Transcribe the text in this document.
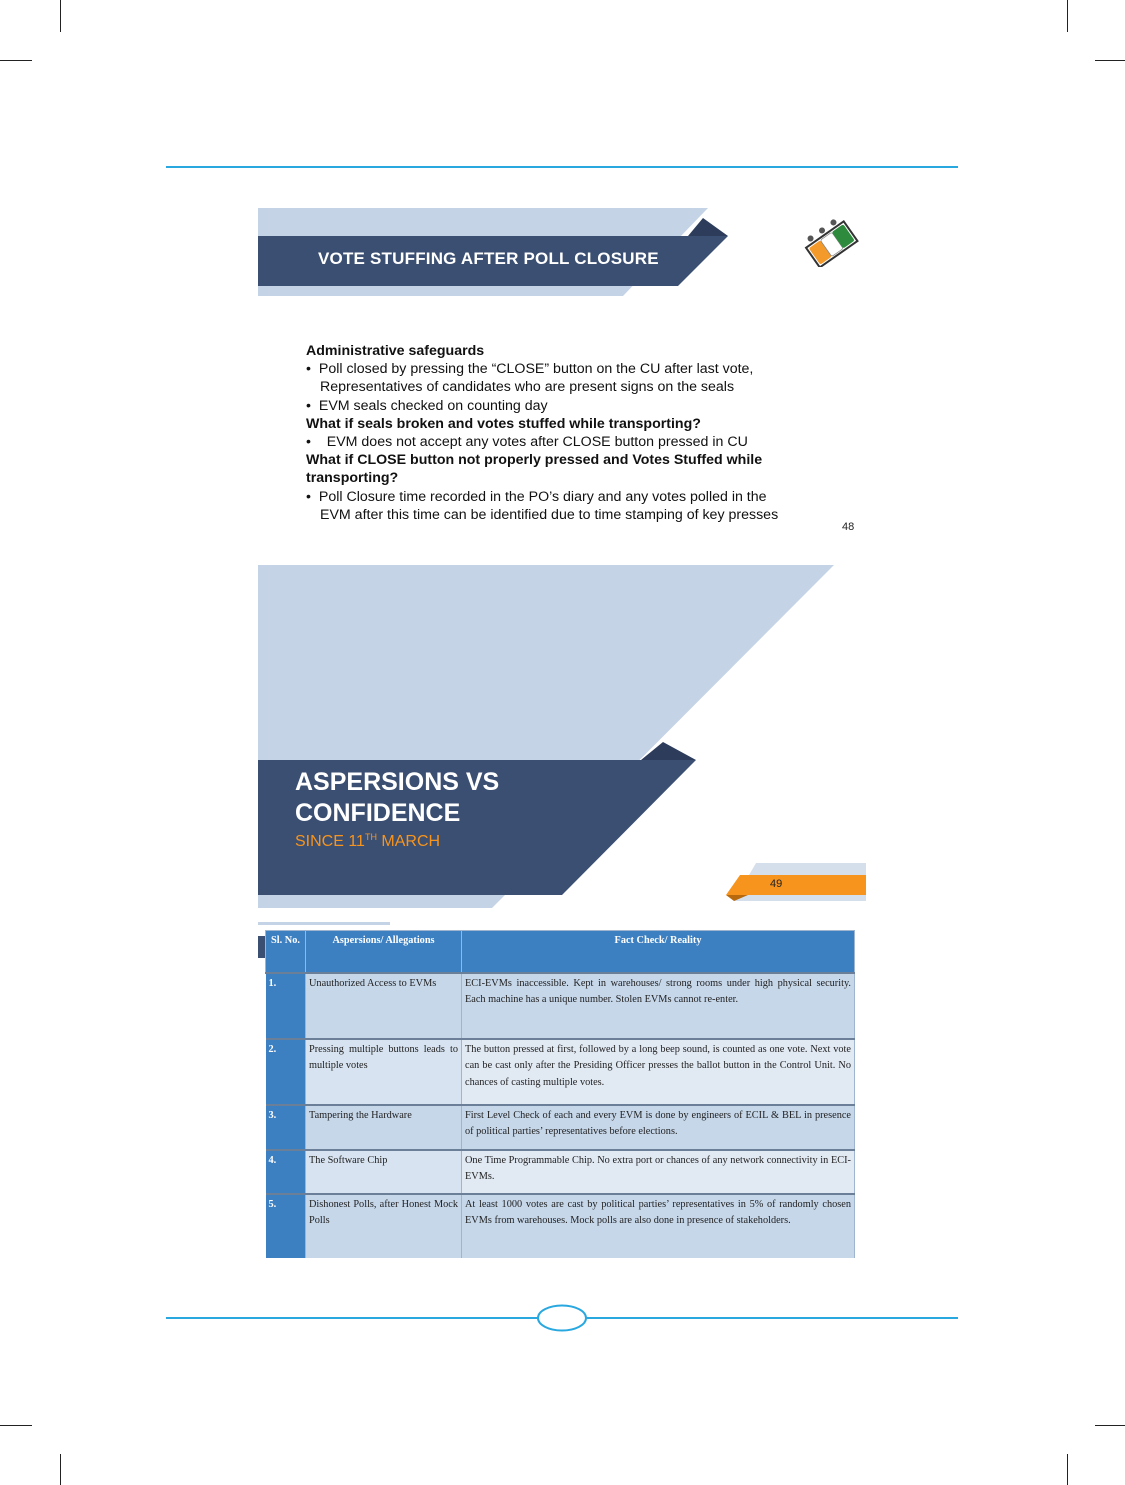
VOTE STUFFING AFTER POLL CLOSURE
Administrative safeguards
•  Poll closed by pressing the “CLOSE” button on the CU after last vote,
Representatives of candidates who are present signs on the seals
•  EVM seals checked on counting day
What if seals broken and votes stuffed while transporting?
•    EVM does not accept any votes after CLOSE button pressed in CU
What if CLOSE button not properly pressed and Votes Stuffed while transporting?
•  Poll Closure time recorded in the PO’s diary and any votes polled in the
EVM after this time can be identified due to time stamping of key presses
48
ASPERSIONS VS
CONFIDENCE
SINCE 11TH MARCH
49
Sl. No.	Aspersions/ Allegations	Fact Check/ Reality
1.	Unauthorized Access to EVMs	ECI-EVMs inaccessible. Kept in warehouses/ strong rooms under high physical security. Each machine has a unique number. Stolen EVMs cannot re-enter.
2.	Pressing multiple buttons leads to multiple votes	The button pressed at first, followed by a long beep sound, is counted as one vote. Next vote can be cast only after the Presiding Officer presses the ballot button in the Control Unit. No chances of casting multiple votes.
3.	Tampering the Hardware	First Level Check of each and every EVM is done by engineers of ECIL & BEL in presence of political parties’ representatives before elections.
4.	The Software Chip	One Time Programmable Chip. No extra port or chances of any network connectivity in ECI-EVMs.
5.	Dishonest Polls, after Honest Mock Polls	At least 1000 votes are cast by political parties’ representatives in 5% of randomly chosen EVMs from warehouses. Mock polls are also done in presence of stakeholders.
